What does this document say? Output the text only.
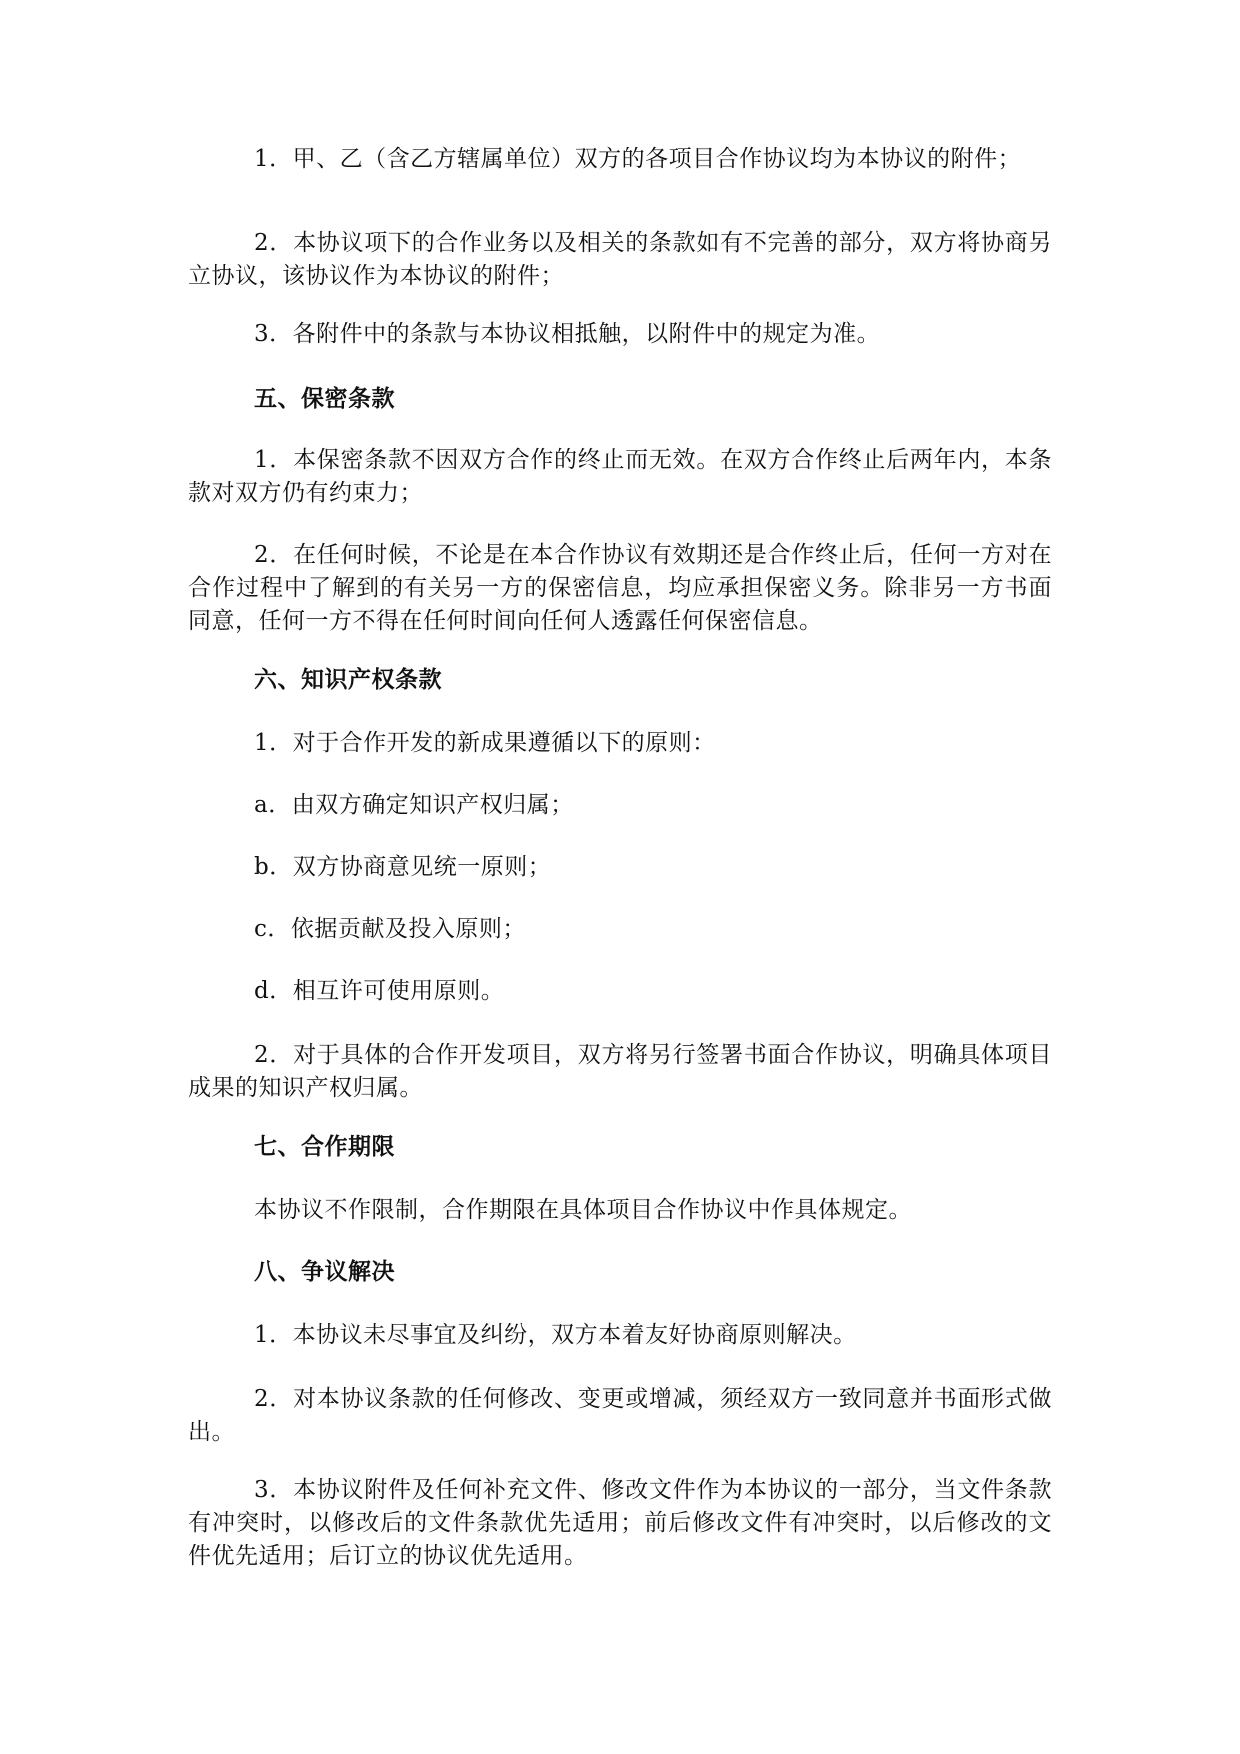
1．甲、乙（含乙方辖属单位）双方的各项目合作协议均为本协议的附件；

2．本协议项下的合作业务以及相关的条款如有不完善的部分，双方将协商另立协议，该协议作为本协议的附件；

3．各附件中的条款与本协议相抵触，以附件中的规定为准。

五、保密条款

1．本保密条款不因双方合作的终止而无效。在双方合作终止后两年内，本条款对双方仍有约束力；

2．在任何时候，不论是在本合作协议有效期还是合作终止后，任何一方对在合作过程中了解到的有关另一方的保密信息，均应承担保密义务。除非另一方书面同意，任何一方不得在任何时间向任何人透露任何保密信息。

六、知识产权条款

1．对于合作开发的新成果遵循以下的原则：

a．由双方确定知识产权归属；

b．双方协商意见统一原则；

c．依据贡献及投入原则；

d．相互许可使用原则。

2．对于具体的合作开发项目，双方将另行签署书面合作协议，明确具体项目成果的知识产权归属。

七、合作期限

本协议不作限制，合作期限在具体项目合作协议中作具体规定。

八、争议解决

1．本协议未尽事宜及纠纷，双方本着友好协商原则解决。

2．对本协议条款的任何修改、变更或增减，须经双方一致同意并书面形式做出。

3．本协议附件及任何补充文件、修改文件作为本协议的一部分，当文件条款有冲突时，以修改后的文件条款优先适用；前后修改文件有冲突时，以后修改的文件优先适用；后订立的协议优先适用。
